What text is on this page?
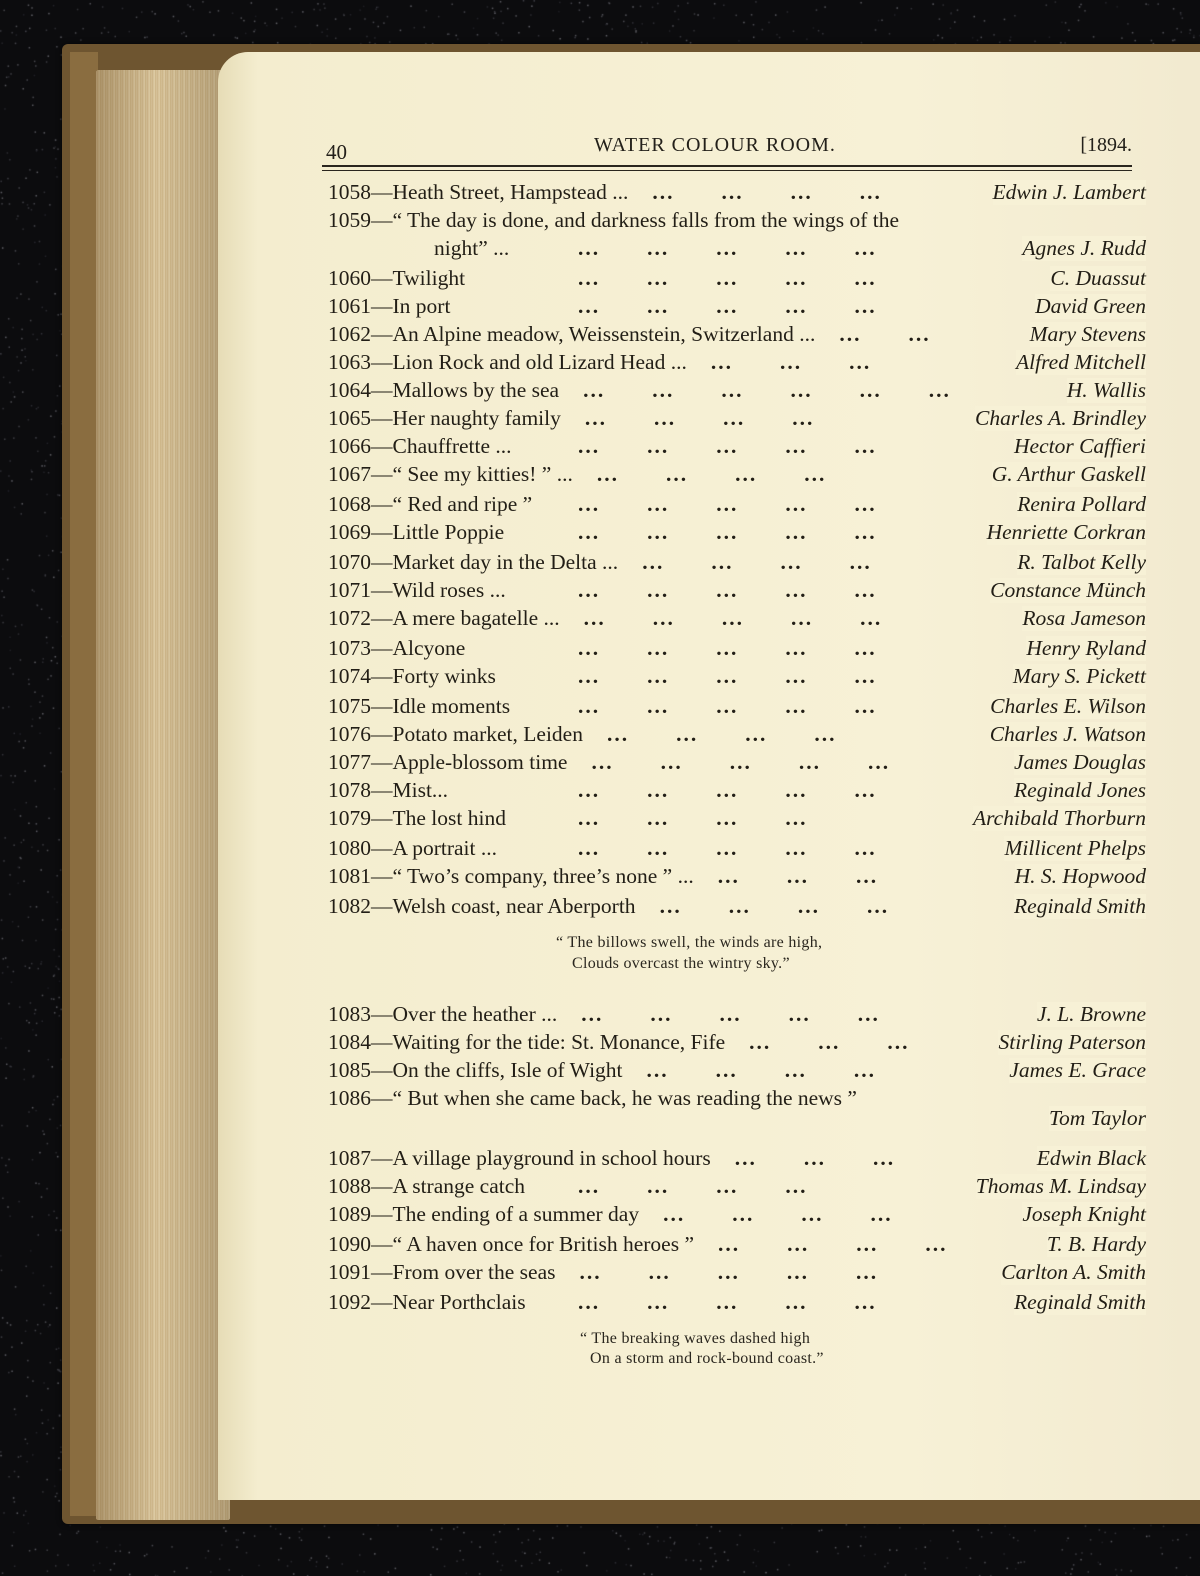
40	WATER COLOUR ROOM.	[1894.
1058—Heath Street, Hampstead ...	Edwin J. Lambert
...  ...  ...  ...
1059—“ The day is done, and darkness falls from the wings of the
night” ...	Agnes J. Rudd
...  ...  ...  ...  ...
1060—Twilight	C. Duassut
...  ...  ...  ...  ...
1061—In port	David Green
...  ...  ...  ...  ...
1062—An Alpine meadow, Weissenstein, Switzerland ...	Mary Stevens
...  ...
1063—Lion Rock and old Lizard Head ...	Alfred Mitchell
...  ...  ...
1064—Mallows by the sea	H. Wallis
...  ...  ...  ...  ...  ...
1065—Her naughty family	Charles A. Brindley
...  ...  ...  ...
1066—Chauffrette ...	Hector Caffieri
...  ...  ...  ...  ...
1067—“ See my kitties! ” ...	G. Arthur Gaskell
...  ...  ...  ...
1068—“ Red and ripe ”	Renira Pollard
...  ...  ...  ...  ...
1069—Little Poppie	Henriette Corkran
...  ...  ...  ...  ...
1070—Market day in the Delta ...	R. Talbot Kelly
...  ...  ...  ...
1071—Wild roses ...	Constance Münch
...  ...  ...  ...  ...
1072—A mere bagatelle ...	Rosa Jameson
...  ...  ...  ...  ...
1073—Alcyone	Henry Ryland
...  ...  ...  ...  ...
1074—Forty winks	Mary S. Pickett
...  ...  ...  ...  ...
1075—Idle moments	Charles E. Wilson
...  ...  ...  ...  ...
1076—Potato market, Leiden	Charles J. Watson
...  ...  ...  ...
1077—Apple-blossom time	James Douglas
...  ...  ...  ...  ...
1078—Mist...	Reginald Jones
...  ...  ...  ...  ...
1079—The lost hind	Archibald Thorburn
...  ...  ...  ...
1080—A portrait ...	Millicent Phelps
...  ...  ...  ...  ...
1081—“ Two’s company, three’s none ” ...	H. S. Hopwood
...  ...  ...
1082—Welsh coast, near Aberporth	Reginald Smith
...  ...  ...  ...
“ The billows swell, the winds are high,
Clouds overcast the wintry sky.”
1083—Over the heather ...	J. L. Browne
...  ...  ...  ...  ...
1084—Waiting for the tide: St. Monance, Fife	Stirling Paterson
...  ...  ...
1085—On the cliffs, Isle of Wight	James E. Grace
...  ...  ...  ...
1086—“ But when she came back, he was reading the news ”
Tom Taylor
1087—A village playground in school hours	Edwin Black
...  ...  ...
1088—A strange catch	Thomas M. Lindsay
...  ...  ...  ...
1089—The ending of a summer day	Joseph Knight
...  ...  ...  ...
1090—“ A haven once for British heroes ”	T. B. Hardy
...  ...  ...  ...
1091—From over the seas	Carlton A. Smith
...  ...  ...  ...  ...
1092—Near Porthclais	Reginald Smith
...  ...  ...  ...  ...
“ The breaking waves dashed high
On a storm and rock-bound coast.”
